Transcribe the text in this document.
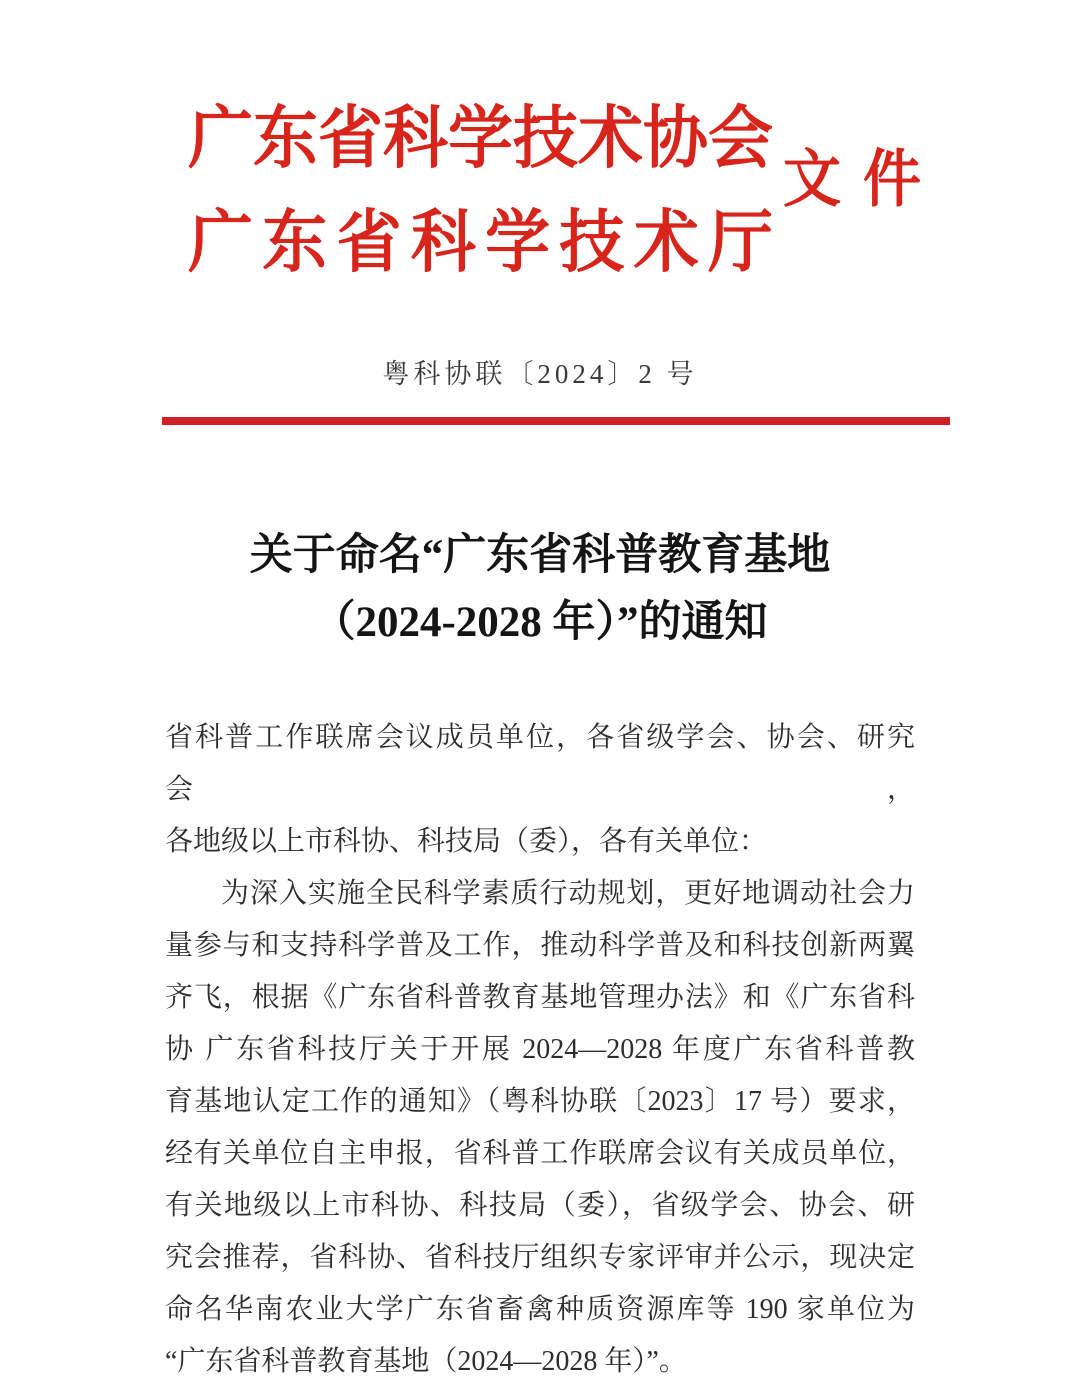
广东省科学技术协会
广东省科学技术厅
文件
粤科协联〔2024〕2 号
关于命名“广东省科普教育基地
（2024-2028 年）”的通知
省科普工作联席会议成员单位，各省级学会、协会、研究会，
各地级以上市科协、科技局（委），各有关单位：
为深入实施全民科学素质行动规划，更好地调动社会力
量参与和支持科学普及工作，推动科学普及和科技创新两翼
齐飞，根据《广东省科普教育基地管理办法》和《广东省科
协 广东省科技厅关于开展 2024—2028 年度广东省科普教
育基地认定工作的通知》（粤科协联〔2023〕17 号）要求，
经有关单位自主申报，省科普工作联席会议有关成员单位，
有关地级以上市科协、科技局（委），省级学会、协会、研
究会推荐，省科协、省科技厅组织专家评审并公示，现决定
命名华南农业大学广东省畜禽种质资源库等 190 家单位为
“广东省科普教育基地（2024—2028 年）”。
